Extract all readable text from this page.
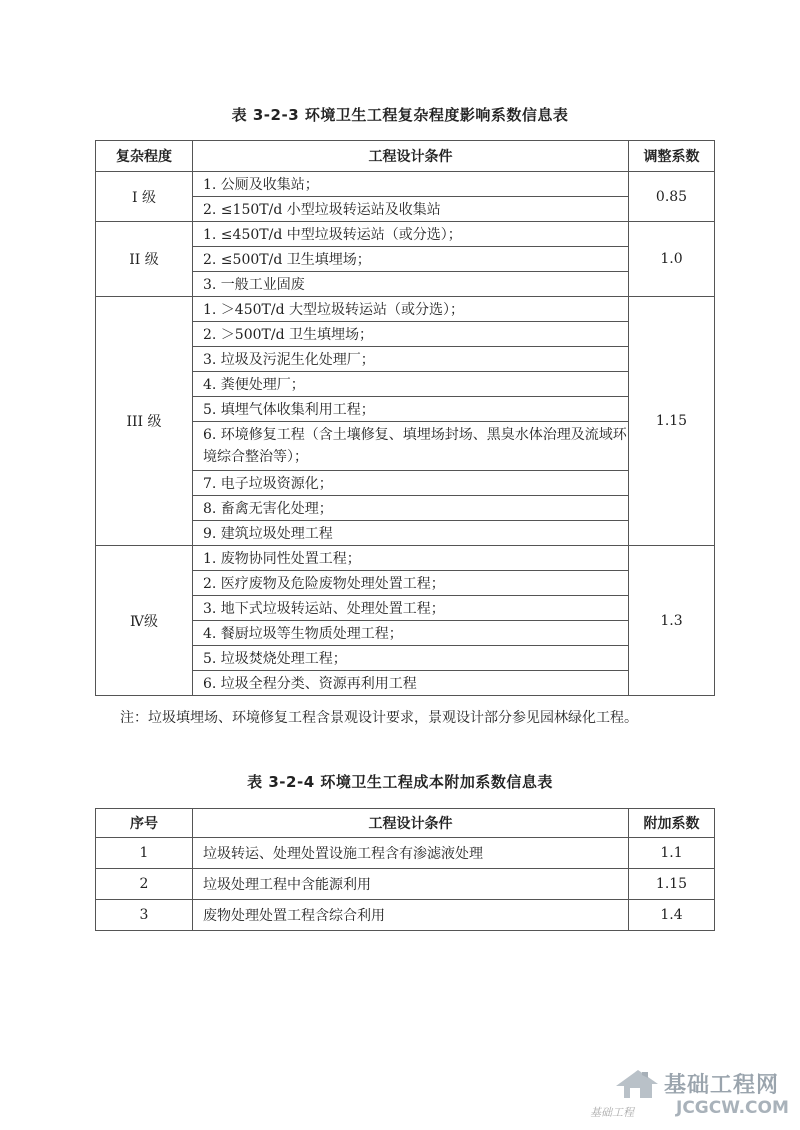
表 3-2-3 环境卫生工程复杂程度影响系数信息表
复杂程度	工程设计条件	调整系数
I 级	1. 公厕及收集站；	0.85
	2. ≤150T/d 小型垃圾转运站及收集站	
II 级	1. ≤450T/d 中型垃圾转运站（或分选）；	1.0
	2. ≤500T/d 卫生填埋场；	
	3. 一般工业固废	
III 级	1. ＞450T/d 大型垃圾转运站（或分选）；	1.15
	2. ＞500T/d 卫生填埋场；	
	3. 垃圾及污泥生化处理厂；	
	4. 粪便处理厂；	
	5. 填埋气体收集利用工程；	
	6. 环境修复工程（含土壤修复、填埋场封场、黑臭水体治理及流域环境综合整治等）；	
	7. 电子垃圾资源化；	
	8. 畜禽无害化处理；	
	9. 建筑垃圾处理工程	
Ⅳ级	1. 废物协同性处置工程；	1.3
	2. 医疗废物及危险废物处理处置工程；	
	3. 地下式垃圾转运站、处理处置工程；	
	4. 餐厨垃圾等生物质处理工程；	
	5. 垃圾焚烧处理工程；	
	6. 垃圾全程分类、资源再利用工程	
注：垃圾填埋场、环境修复工程含景观设计要求，景观设计部分参见园林绿化工程。
表 3-2-4 环境卫生工程成本附加系数信息表
序号	工程设计条件	附加系数
1	垃圾转运、处理处置设施工程含有渗滤液处理	1.1
2	垃圾处理工程中含能源利用	1.15
3	废物处理处置工程含综合利用	1.4
基础工程网
基础工程 JCGCW.COM
